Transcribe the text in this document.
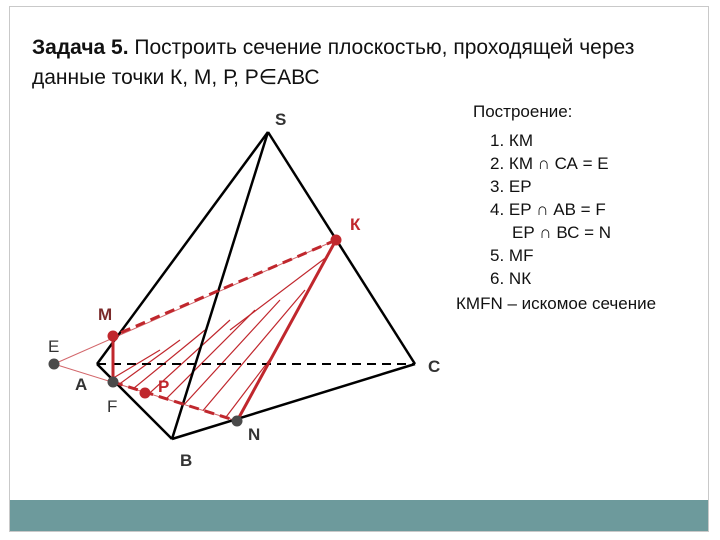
Задача 5. Построить сечение плоскостью, проходящей через данные точки К, М, Р, Р∈АВС
S
К
М
Е
А	Р
F
С
N
В
Построение:
1. КМ
2. КМ ∩ СА = Е
3. ЕР
4. ЕР ∩ АВ = F
ЕР ∩ ВС = N
5. MF
6. NК
КМFN – искомое сечение
